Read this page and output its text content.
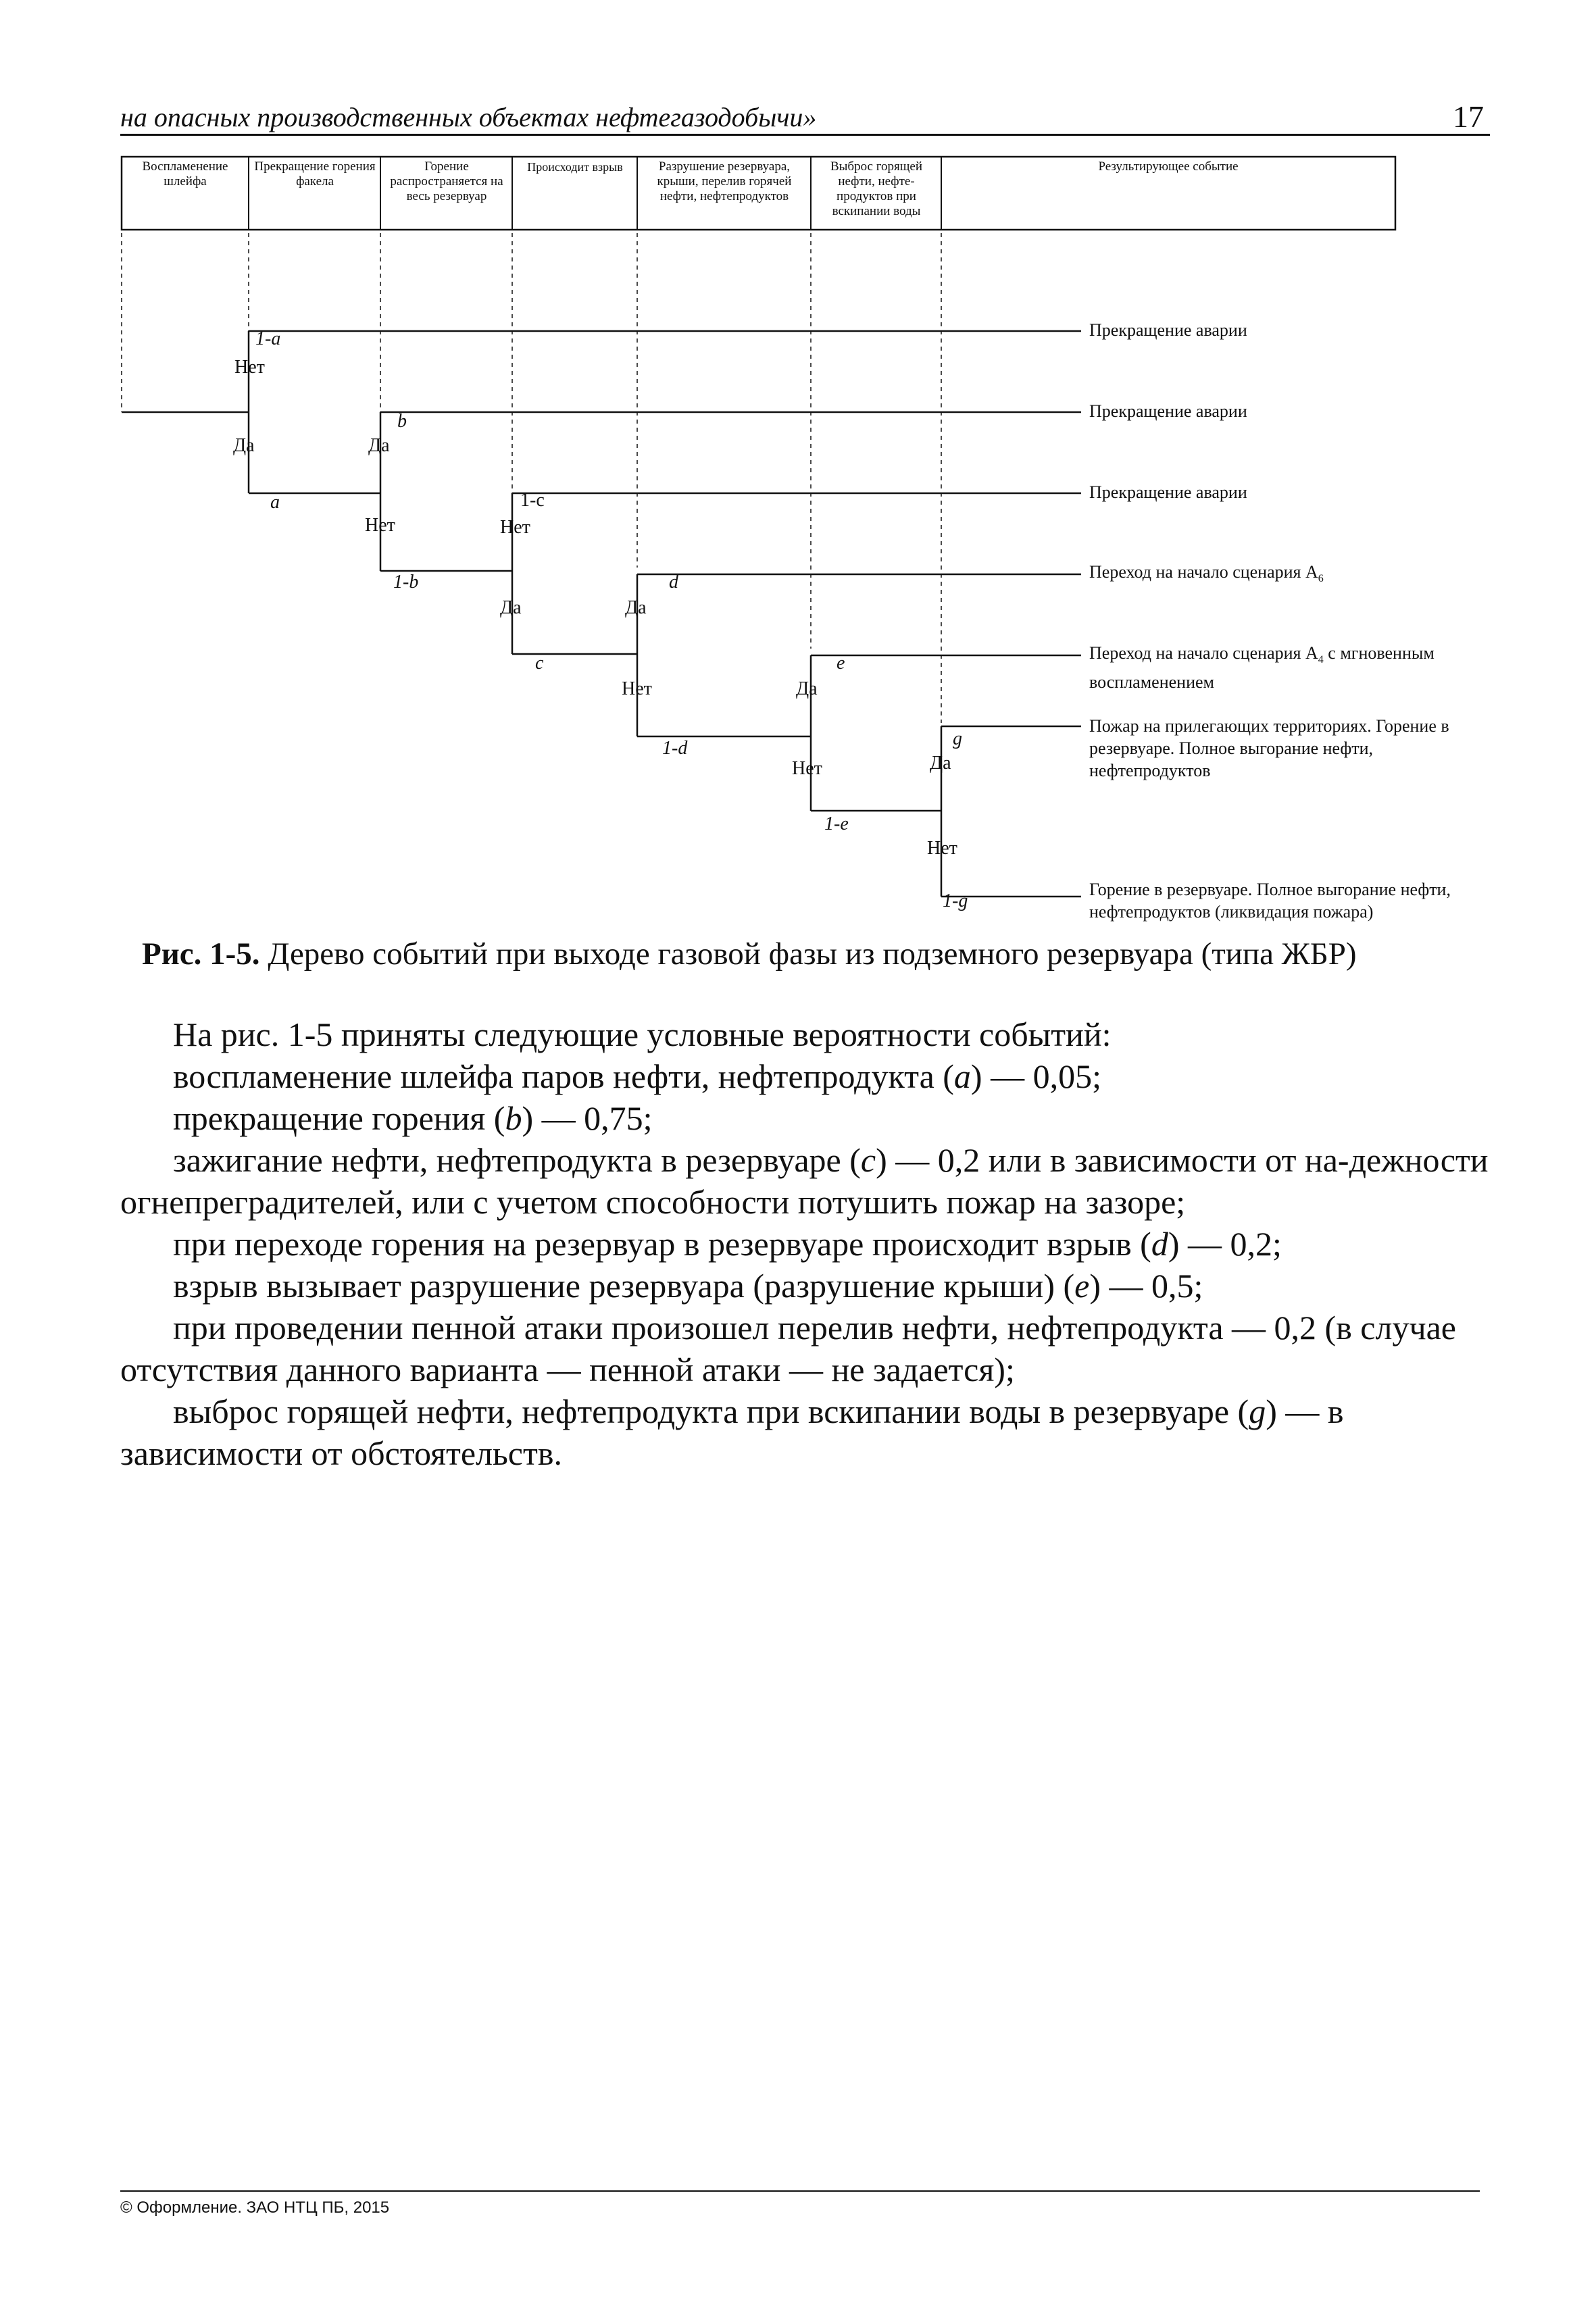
на опасных производственных объектах нефтегазодобычи»	17
Воспламенение шлейфа
Прекращение горения факела
Горение распространяется на весь резервуар
Происходит взрыв	Разрушение резервуара, крыши, перелив горячей нефти, нефтепродуктов
Выброс горящей нефти, нефте-продуктов при вскипании воды
Результирующее событие
1-a
Нет
Да
a
b
Да
Нет
1-b
1-c
Нет
Да
c
d
Да
Нет
1-d
e
Да
Нет
1-e
g
Да
Нет
1-g
Прекращение аварии
Прекращение аварии
Прекращение аварии
Переход на начало сценария $А_6$
Переход на начало сценария $А_4$ с мгновенным воспламенением
Пожар на прилегающих территориях. Горение в резервуаре. Полное выгорание нефти, нефтепродуктов
Горение в резервуаре. Полное выгорание нефти, нефтепродуктов (ликвидация пожара)
Рис. 1-5. Дерево событий при выходе газовой фазы из подземного резервуара (типа ЖБР)
На рис. 1-5 приняты следующие условные вероятности событий:
воспламенение шлейфа паров нефти, нефтепродукта (a) — 0,05;
прекращение горения (b) — 0,75;
зажигание нефти, нефтепродукта в резервуаре (c) — 0,2 или в зависимости от на-дежности огнепреградителей, или с учетом способности потушить пожар на зазоре;
при переходе горения на резервуар в резервуаре происходит взрыв (d) — 0,2;
взрыв вызывает разрушение резервуара (разрушение крыши) (e) — 0,5;
при проведении пенной атаки произошел перелив нефти, нефтепродукта — 0,2 (в случае отсутствия данного варианта — пенной атаки — не задается);
выброс горящей нефти, нефтепродукта при вскипании воды в резервуаре (g) — в зависимости от обстоятельств.
© Оформление. ЗАО НТЦ ПБ, 2015
